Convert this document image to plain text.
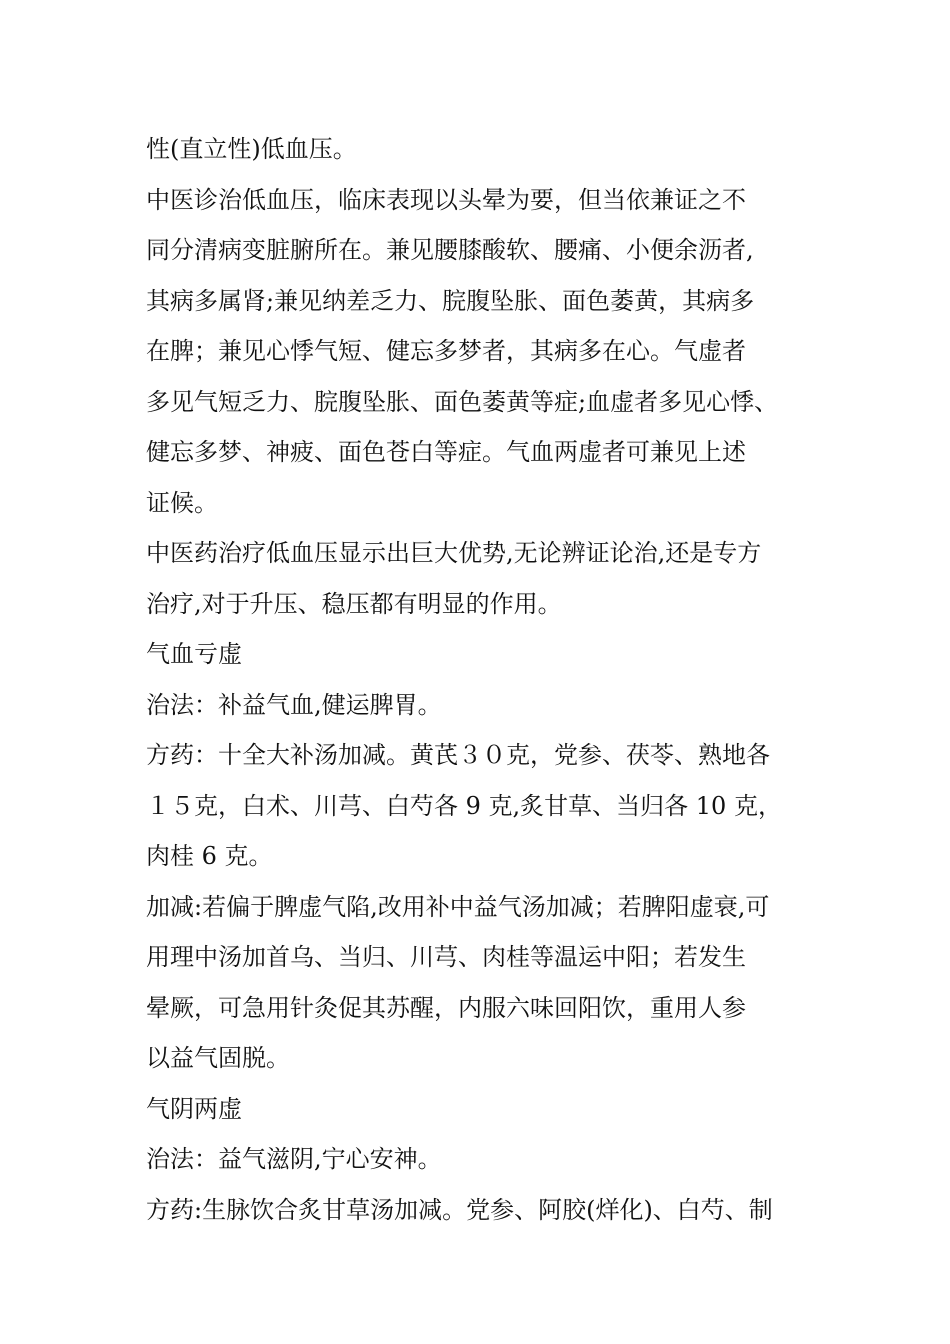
性(直立性)低血压。
中医诊治低血压，临床表现以头晕为要，但当依兼证之不
同分清病变脏腑所在。兼见腰膝酸软、腰痛、小便余沥者,
其病多属肾;兼见纳差乏力、脘腹坠胀、面色萎黄，其病多
在脾；兼见心悸气短、健忘多梦者，其病多在心。气虚者
多见气短乏力、脘腹坠胀、面色萎黄等症;血虚者多见心悸、
健忘多梦、神疲、面色苍白等症。气血两虚者可兼见上述
证候。
中医药治疗低血压显示出巨大优势,无论辨证论治,还是专方
治疗,对于升压、稳压都有明显的作用。
气血亏虚
治法：补益气血,健运脾胃。
方药：十全大补汤加减。黄芪３０克，党参、茯苓、熟地各
１５克，白术、川芎、白芍各 9 克,炙甘草、当归各 10 克，
肉桂 6 克。
加减:若偏于脾虚气陷,改用补中益气汤加减；若脾阳虚衰,可
用理中汤加首乌、当归、川芎、肉桂等温运中阳；若发生
晕厥，可急用针灸促其苏醒，内服六味回阳饮，重用人参
以益气固脱。
气阴两虚
治法：益气滋阴,宁心安神。
方药:生脉饮合炙甘草汤加减。党参、阿胶(烊化)、白芍、制
